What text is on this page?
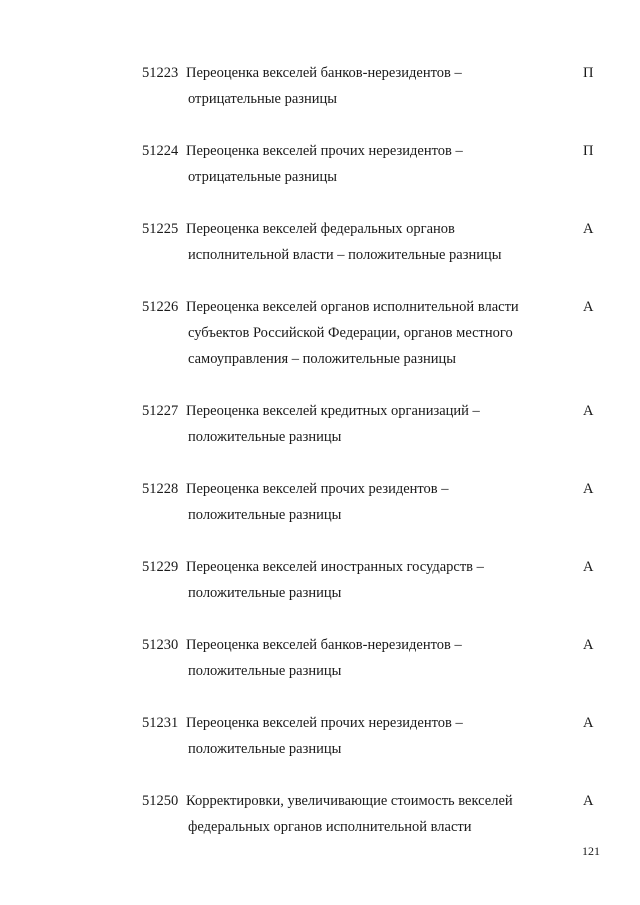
51223 Переоценка векселей банков-нерезидентов –
отрицательные разницы
П
51224 Переоценка векселей прочих нерезидентов –
отрицательные разницы
П
51225 Переоценка векселей федеральных органов
исполнительной власти – положительные разницы
А
51226 Переоценка векселей органов исполнительной власти
субъектов Российской Федерации, органов местного
самоуправления – положительные разницы
А
51227 Переоценка векселей кредитных организаций –
положительные разницы
А
51228 Переоценка векселей прочих резидентов –
положительные разницы
А
51229 Переоценка векселей иностранных государств –
положительные разницы
А
51230 Переоценка векселей банков-нерезидентов –
положительные разницы
А
51231 Переоценка векселей прочих нерезидентов –
положительные разницы
А
51250 Корректировки, увеличивающие стоимость векселей
федеральных органов исполнительной власти
А
121
